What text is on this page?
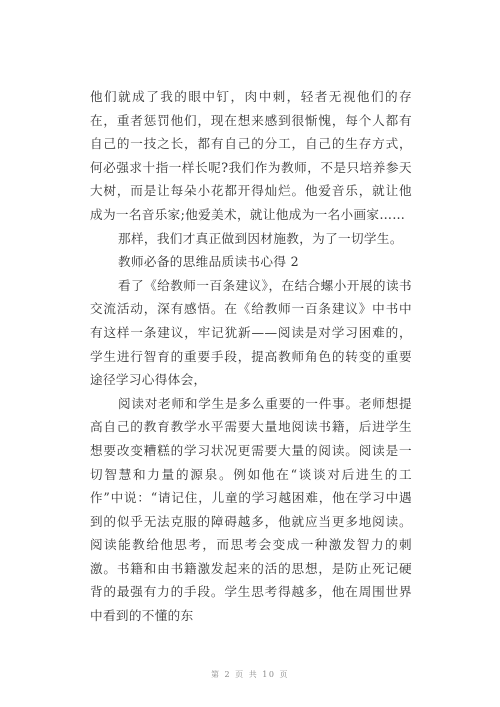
他们就成了我的眼中钉，肉中刺，轻者无视他们的存在，重者惩罚他们，现在想来感到很惭愧，每个人都有自己的一技之长，都有自己的分工，自己的生存方式，何必强求十指一样长呢?我们作为教师，不是只培养参天大树，而是让每朵小花都开得灿烂。他爱音乐，就让他成为一名音乐家;他爱美术，就让他成为一名小画家……

那样，我们才真正做到因材施教，为了一切学生。

教师必备的思维品质读书心得 2

看了《给教师一百条建议》，在结合螺小开展的读书交流活动，深有感悟。在《给教师一百条建议》中书中有这样一条建议，牢记犹新——阅读是对学习困难的，学生进行智育的重要手段，提高教师角色的转变的重要途径学习心得体会，

阅读对老师和学生是多么重要的一件事。老师想提高自己的教育教学水平需要大量地阅读书籍，后进学生想要改变糟糕的学习状况更需要大量的阅读。阅读是一切智慧和力量的源泉。例如他在“谈谈对后进生的工作”中说：“请记住，儿童的学习越困难，他在学习中遇到的似乎无法克服的障碍越多，他就应当更多地阅读。阅读能教给他思考，而思考会变成一种激发智力的刺激。书籍和由书籍激发起来的活的思想，是防止死记硬背的最强有力的手段。学生思考得越多，他在周围世界中看到的不懂的东

第 2 页 共 10 页
